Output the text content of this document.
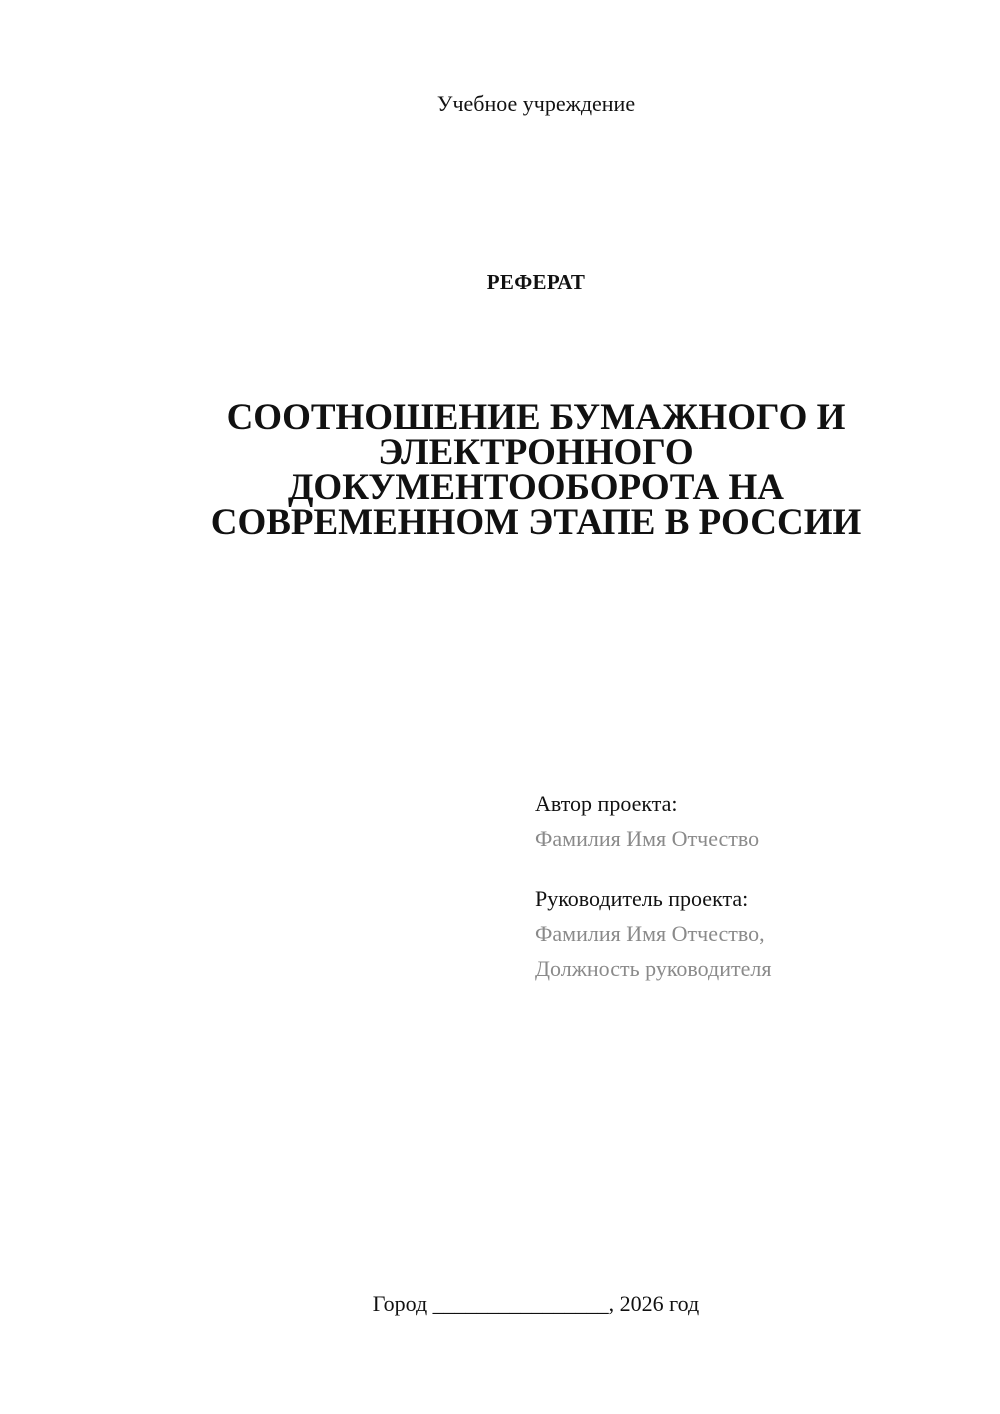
Учебное учреждение
РЕФЕРАТ
СООТНОШЕНИЕ БУМАЖНОГО И
ЭЛЕКТРОННОГО
ДОКУМЕНТООБОРОТА НА
СОВРЕМЕННОМ ЭТАПЕ В РОССИИ
Автор проекта:
Фамилия Имя Отчество
Руководитель проекта:
Фамилия Имя Отчество,
Должность руководителя
Город ________________, 2026 год
